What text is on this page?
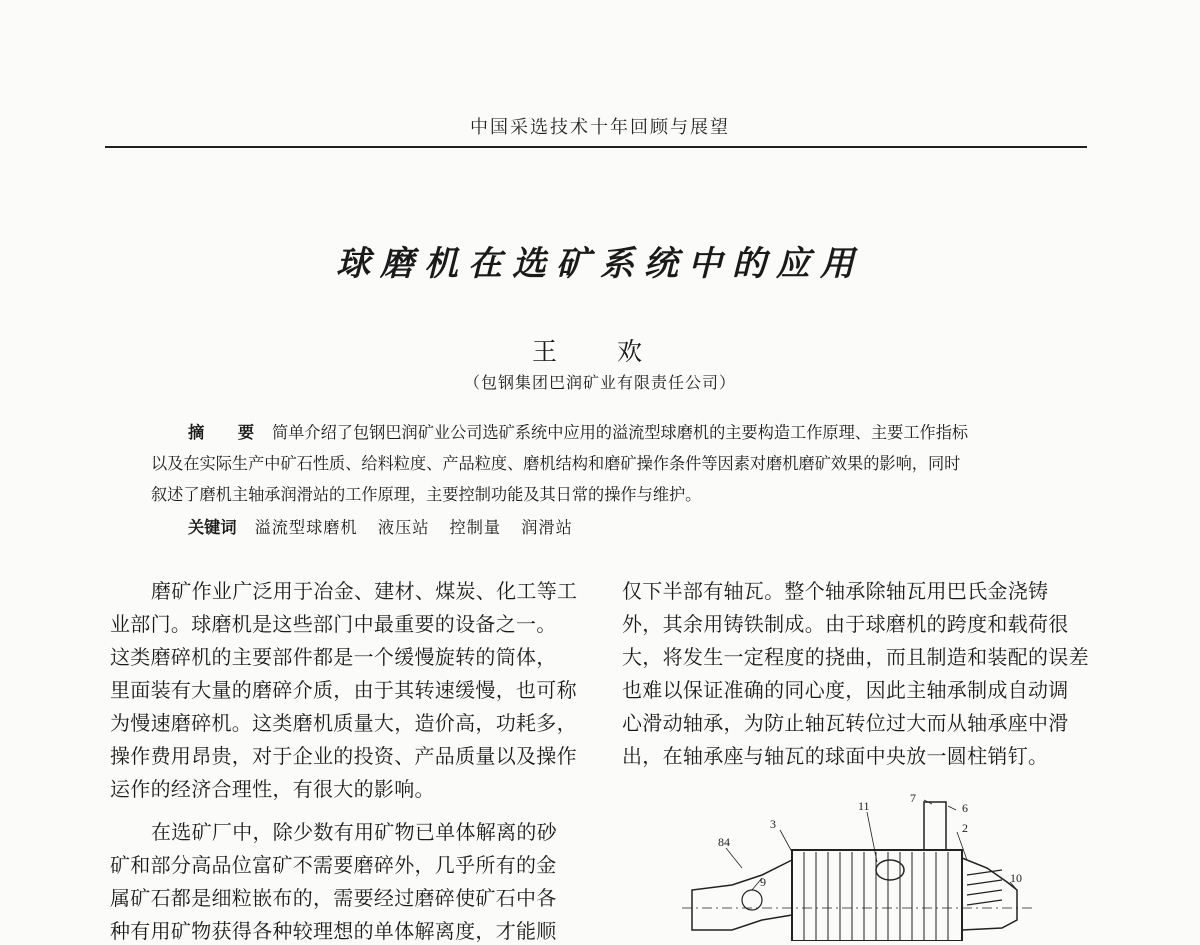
中国采选技术十年回顾与展望
球磨机在选矿系统中的应用
王 欢
（包钢集团巴润矿业有限责任公司）
摘 要 简单介绍了包钢巴润矿业公司选矿系统中应用的溢流型球磨机的主要构造工作原理、主要工作指标
以及在实际生产中矿石性质、给料粒度、产品粒度、磨机结构和磨矿操作条件等因素对磨机磨矿效果的影响，同时
叙述了磨机主轴承润滑站的工作原理，主要控制功能及其日常的操作与维护。
关键词 溢流型球磨机 液压站 控制量 润滑站
磨矿作业广泛用于冶金、建材、煤炭、化工等工
业部门。球磨机是这些部门中最重要的设备之一。
这类磨碎机的主要部件都是一个缓慢旋转的筒体，
里面装有大量的磨碎介质，由于其转速缓慢，也可称
为慢速磨碎机。这类磨机质量大，造价高，功耗多，
操作费用昂贵，对于企业的投资、产品质量以及操作
运作的经济合理性，有很大的影响。
在选矿厂中，除少数有用矿物已单体解离的砂
矿和部分高品位富矿不需要磨碎外，几乎所有的金
属矿石都是细粒嵌布的，需要经过磨碎使矿石中各
种有用矿物获得各种较理想的单体解离度，才能顺
仅下半部有轴瓦。整个轴承除轴瓦用巴氏金浇铸
外，其余用铸铁制成。由于球磨机的跨度和载荷很
大，将发生一定程度的挠曲，而且制造和装配的误差
也难以保证准确的同心度，因此主轴承制成自动调
心滑动轴承，为防止轴瓦转位过大而从轴承座中滑
出，在轴承座与轴瓦的球面中央放一圆柱销钉。
11
7
6
3	2
84
9	10
